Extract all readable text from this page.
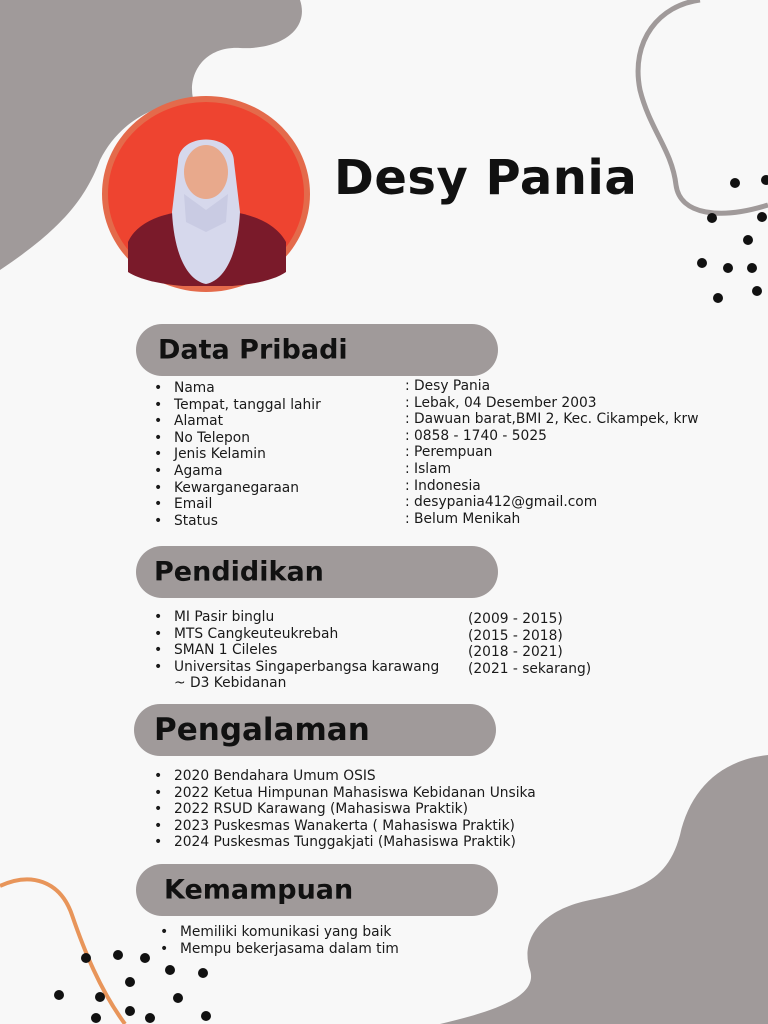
Desy Pania
Data Pribadi
• Nama
• Tempat, tanggal lahir
• Alamat
• No Telepon
• Jenis Kelamin
• Agama
• Kewarganegaraan
• Email
• Status
: Desy Pania
: Lebak, 04 Desember 2003
: Dawuan barat,BMI 2, Kec. Cikampek, krw
: 0858 - 1740 - 5025
: Perempuan
: Islam
: Indonesia
: desypania412@gmail.com
: Belum Menikah
Pendidikan
• MI Pasir binglu
• MTS Cangkeuteukrebah
• SMAN 1 Cileles
• Universitas Singaperbangsa karawang
~ D3 Kebidanan
(2009 - 2015)
(2015 - 2018)
(2018 - 2021)
(2021 - sekarang)
Pengalaman
• 2020 Bendahara Umum OSIS
• 2022 Ketua Himpunan Mahasiswa Kebidanan Unsika
• 2022 RSUD Karawang (Mahasiswa Praktik)
• 2023 Puskesmas Wanakerta ( Mahasiswa Praktik)
• 2024 Puskesmas Tunggakjati (Mahasiswa Praktik)
Kemampuan
• Memiliki komunikasi yang baik
• Mempu bekerjasama dalam tim
